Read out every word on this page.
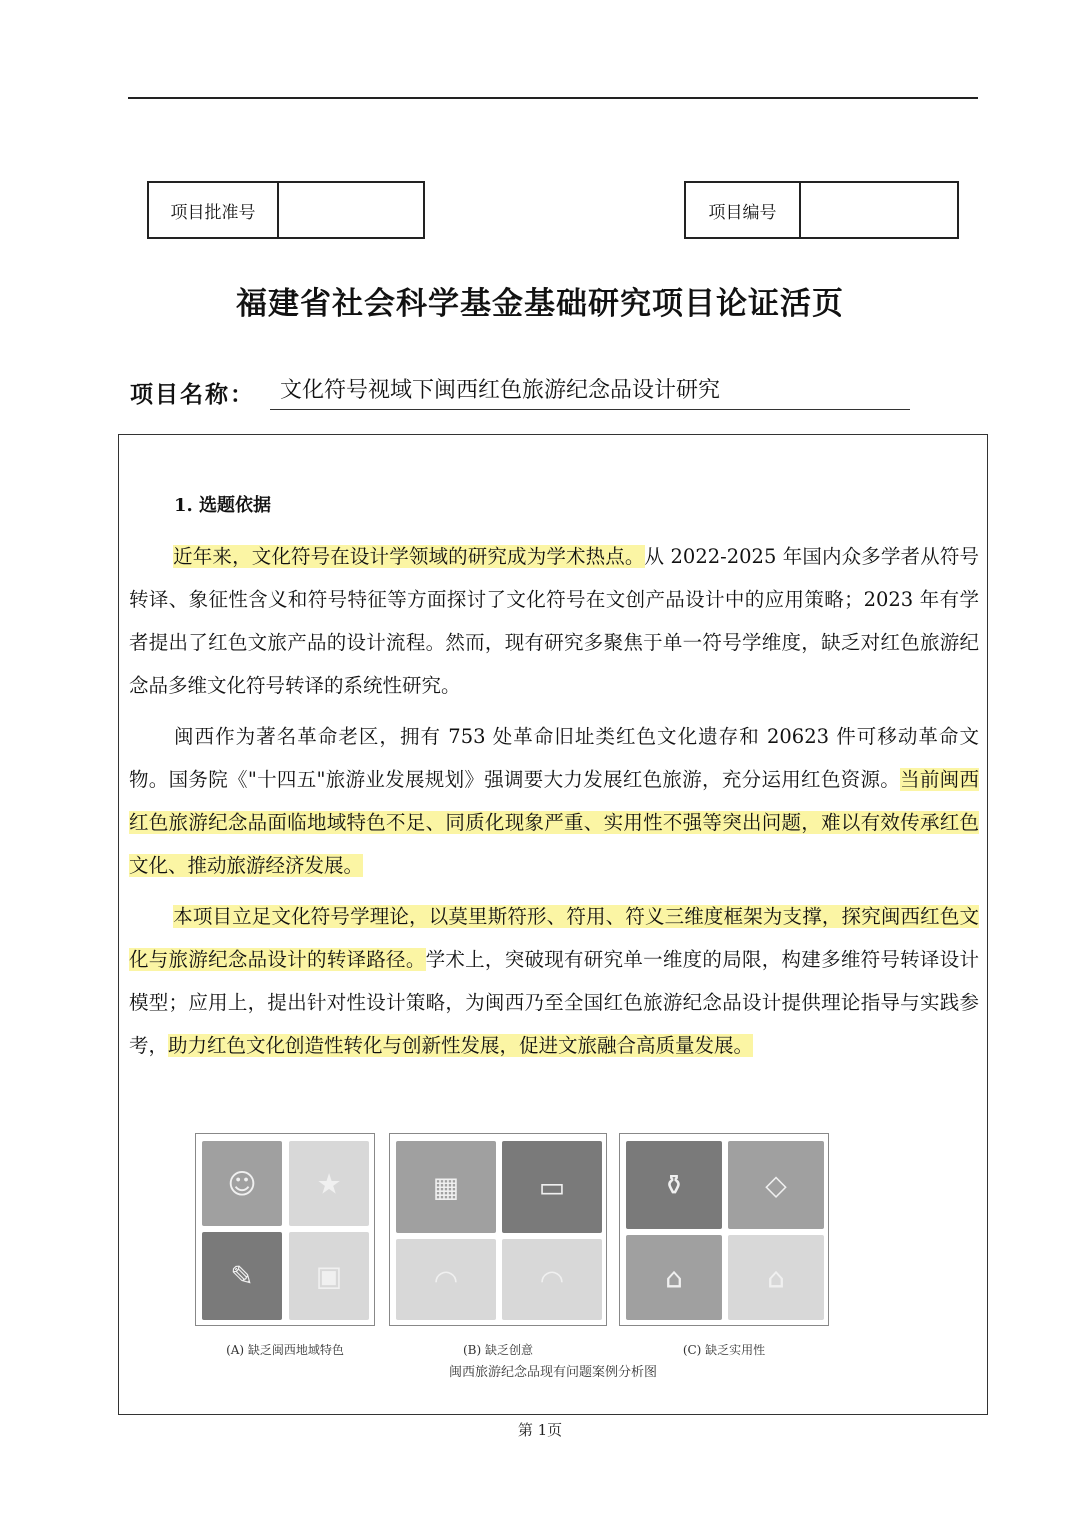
项目批准号	项目编号
福建省社会科学基金基础研究项目论证活页
项目名称：	文化符号视域下闽西红色旅游纪念品设计研究
1. 选题依据
近年来，文化符号在设计学领域的研究成为学术热点。从 2022-2025 年国内众多学者从符号转译、象征性含义和符号特征等方面探讨了文化符号在文创产品设计中的应用策略；2023 年有学者提出了红色文旅产品的设计流程。然而，现有研究多聚焦于单一符号学维度，缺乏对红色旅游纪念品多维文化符号转译的系统性研究。
闽西作为著名革命老区，拥有 753 处革命旧址类红色文化遗存和 20623 件可移动革命文物。国务院《"十四五"旅游业发展规划》强调要大力发展红色旅游，充分运用红色资源。当前闽西红色旅游纪念品面临地域特色不足、同质化现象严重、实用性不强等突出问题，难以有效传承红色文化、推动旅游经济发展。
本项目立足文化符号学理论，以莫里斯符形、符用、符义三维度框架为支撑，探究闽西红色文化与旅游纪念品设计的转译路径。学术上，突破现有研究单一维度的局限，构建多维符号转译设计模型；应用上，提出针对性设计策略，为闽西乃至全国红色旅游纪念品设计提供理论指导与实践参考，助力红色文化创造性转化与创新性发展，促进文旅融合高质量发展。
☺ ★
✎ ▣
▦	▭
◠	◠
⚱	◇
⌂	⌂
(A) 缺乏闽西地域特色	(B) 缺乏创意	(C) 缺乏实用性
闽西旅游纪念品现有问题案例分析图
第 1页
